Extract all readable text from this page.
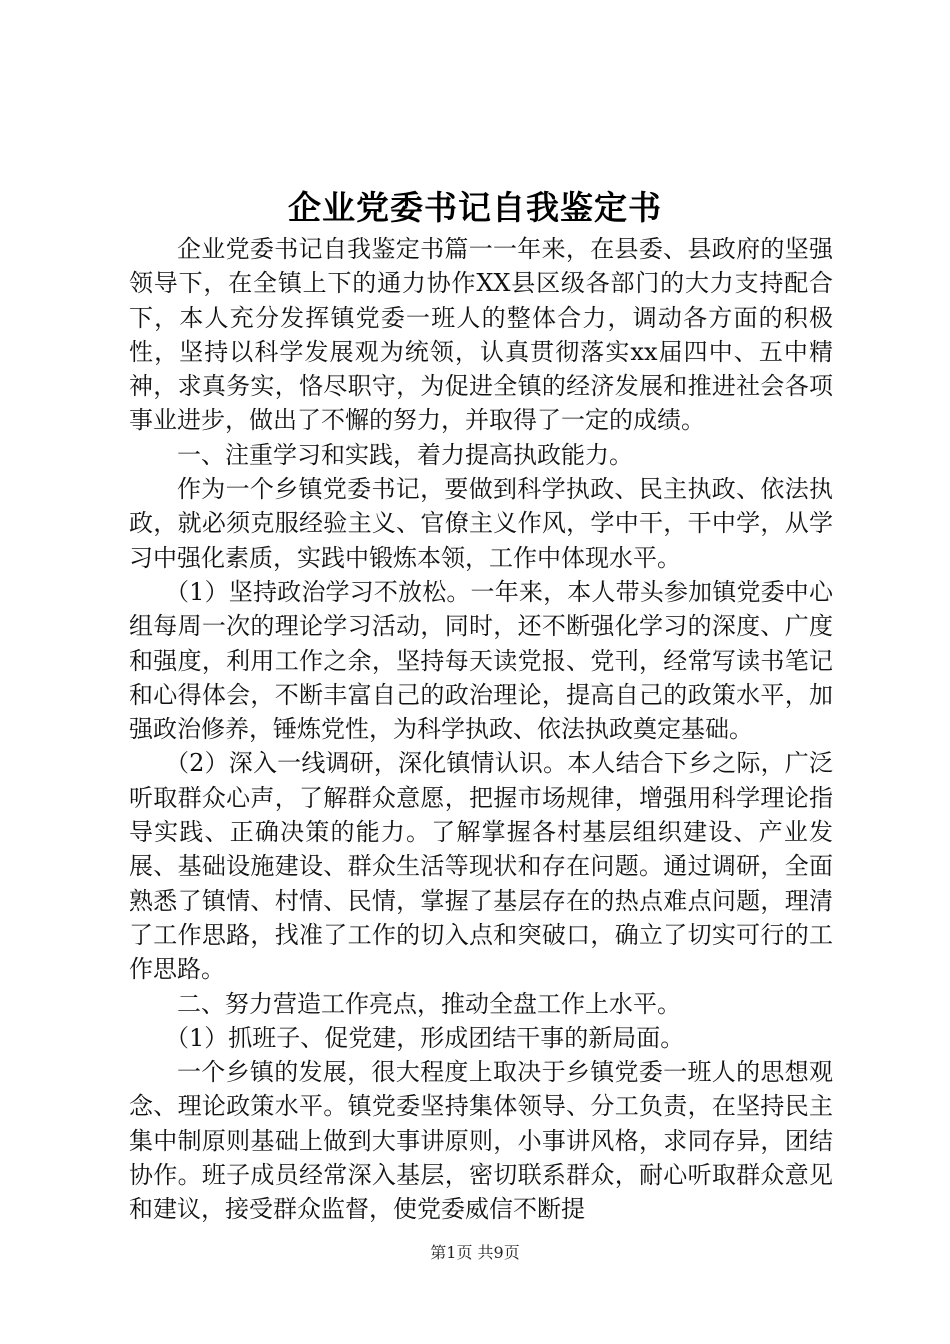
企业党委书记自我鉴定书

企业党委书记自我鉴定书篇一一年来，在县委、县政府的坚强领导下，在全镇上下的通力协作XX县区级各部门的大力支持配合下，本人充分发挥镇党委一班人的整体合力，调动各方面的积极性，坚持以科学发展观为统领，认真贯彻落实xx届四中、五中精神，求真务实，恪尽职守，为促进全镇的经济发展和推进社会各项事业进步，做出了不懈的努力，并取得了一定的成绩。

一、注重学习和实践，着力提高执政能力。

作为一个乡镇党委书记，要做到科学执政、民主执政、依法执政，就必须克服经验主义、官僚主义作风，学中干，干中学，从学习中强化素质，实践中锻炼本领，工作中体现水平。

（1）坚持政治学习不放松。一年来，本人带头参加镇党委中心组每周一次的理论学习活动，同时，还不断强化学习的深度、广度和强度，利用工作之余，坚持每天读党报、党刊，经常写读书笔记和心得体会，不断丰富自己的政治理论，提高自己的政策水平，加强政治修养，锤炼党性，为科学执政、依法执政奠定基础。

（2）深入一线调研，深化镇情认识。本人结合下乡之际，广泛听取群众心声，了解群众意愿，把握市场规律，增强用科学理论指导实践、正确决策的能力。了解掌握各村基层组织建设、产业发展、基础设施建设、群众生活等现状和存在问题。通过调研，全面熟悉了镇情、村情、民情，掌握了基层存在的热点难点问题，理清了工作思路，找准了工作的切入点和突破口，确立了切实可行的工作思路。

二、努力营造工作亮点，推动全盘工作上水平。

（1）抓班子、促党建，形成团结干事的新局面。

一个乡镇的发展，很大程度上取决于乡镇党委一班人的思想观念、理论政策水平。镇党委坚持集体领导、分工负责，在坚持民主集中制原则基础上做到大事讲原则，小事讲风格，求同存异，团结协作。班子成员经常深入基层，密切联系群众，耐心听取群众意见和建议，接受群众监督，使党委威信不断提

第1页 共9页
